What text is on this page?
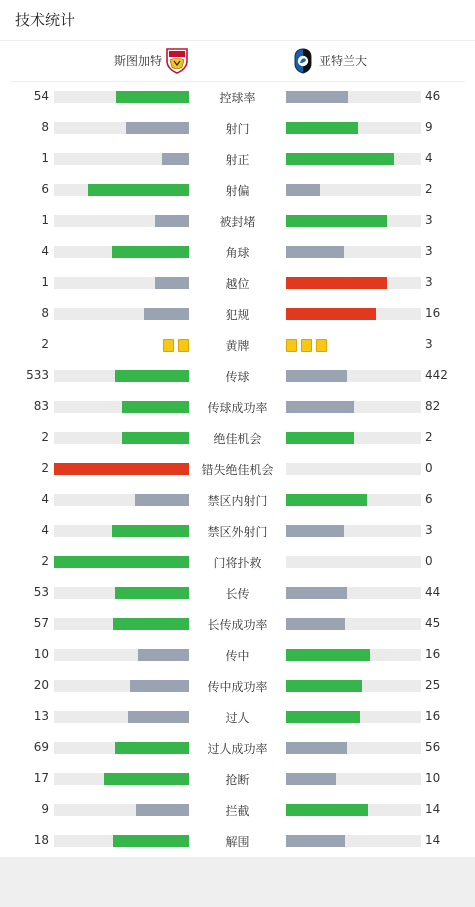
技术统计
斯图加特	亚特兰大
54	控球率	46
8	射门	9
1	射正	4
6	射偏	2
1	被封堵	3
4	角球	3
1	越位	3
8	犯规	16
2	黄牌	3
533	传球	442
83	传球成功率	82
2	绝佳机会	2
2	错失绝佳机会	0
4	禁区内射门	6
4	禁区外射门	3
2	门将扑救	0
53	长传	44
57	长传成功率	45
10	传中	16
20	传中成功率	25
13	过人	16
69	过人成功率	56
17	抢断	10
9	拦截	14
18	解围	14
